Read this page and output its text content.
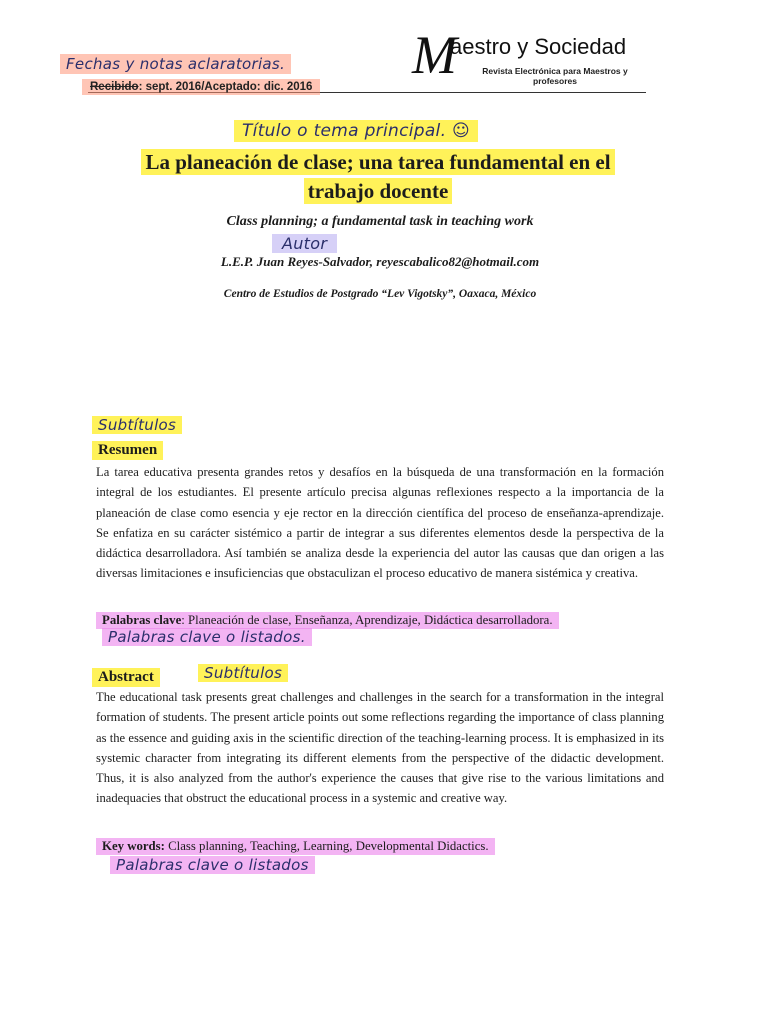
M
aestro y Sociedad
Revista Electrónica para Maestros y profesores
Fechas y notas aclaratorias.
Recibido: sept. 2016/Aceptado: dic. 2016
Título o tema principal. ☺
La planeación de clase; una tarea fundamental en el
trabajo docente
Class planning; a fundamental task in teaching work
Autor
L.E.P. Juan Reyes-Salvador, reyescabalico82@hotmail.com
Centro de Estudios de Postgrado “Lev Vigotsky”, Oaxaca, México
Subtítulos
Resumen
La tarea educativa presenta grandes retos y desafíos en la búsqueda de una transformación en la formación integral de los estudiantes. El presente artículo precisa algunas reflexiones respecto a la importancia de la planeación de clase como esencia y eje rector en la dirección científica del proceso de enseñanza-aprendizaje. Se enfatiza en su carácter sistémico a partir de integrar a sus diferentes elementos desde la perspectiva de la didáctica desarrolladora. Así también se analiza desde la experiencia del autor las causas que dan origen a las diversas limitaciones e insuficiencias que obstaculizan el proceso educativo de manera sistémica y creativa.
Palabras clave: Planeación de clase, Enseñanza, Aprendizaje, Didáctica desarrolladora.
Palabras clave o listados.
Abstract	Subtítulos
The educational task presents great challenges and challenges in the search for a transformation in the integral formation of students. The present article points out some reflections regarding the importance of class planning as the essence and guiding axis in the scientific direction of the teaching-learning process. It is emphasized in its systemic character from integrating its different elements from the perspective of the didactic development. Thus, it is also analyzed from the author's experience the causes that give rise to the various limitations and inadequacies that obstruct the educational process in a systemic and creative way.
Key words: Class planning, Teaching, Learning, Developmental Didactics.
Palabras clave o listados
